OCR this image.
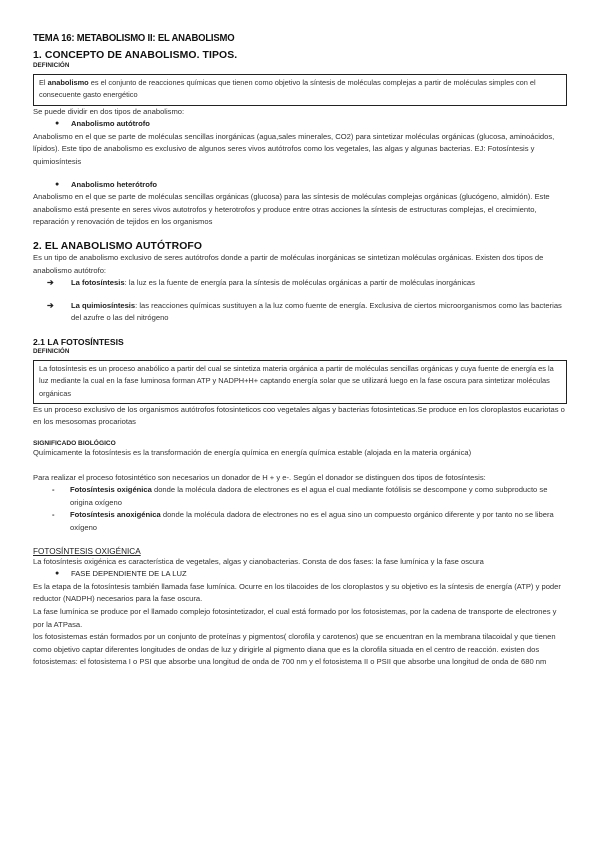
TEMA 16: METABOLISMO II: EL ANABOLISMO
1. CONCEPTO DE ANABOLISMO. TIPOS.
DEFINICIÓN
El anabolismo es el conjunto de reacciones químicas que tienen como objetivo la síntesis de moléculas complejas a partir de moléculas simples con el consecuente gasto energético

Se puede dividir en dos tipos de anabolismo:

● Anabolismo autótrofo

Anabolismo en el que se parte de moléculas sencillas inorgánicas (agua,sales minerales, CO2) para sintetizar moléculas orgánicas (glucosa, aminoácidos, lípidos). Este tipo de anabolismo es exclusivo de algunos seres vivos autótrofos como los vegetales, las algas y algunas bacterias. EJ: Fotosíntesis y quimiosíntesis

● Anabolismo heterótrofo

Anabolismo en el que se parte de moléculas sencillas orgánicas (glucosa) para las síntesis de moléculas complejas orgánicas (glucógeno, almidón). Este anabolismo está presente en seres vivos autotrofos y heterotrofos y produce entre otras acciones la síntesis de estructuras complejas, el crecimiento, reparación y renovación de tejidos en los organismos

2. EL ANABOLISMO AUTÓTROFO

Es un tipo de anabolismo exclusivo de seres autótrofos donde a partir de moléculas inorgánicas se sintetizan moléculas orgánicas. Existen dos tipos de anabolismo autótrofo:

➔ La fotosíntesis: la luz es la fuente de energía para la síntesis de moléculas orgánicas a partir de moléculas inorgánicas
➔ La quimiosíntesis: las reacciones químicas sustituyen a la luz como fuente de energía. Exclusiva de ciertos microorganismos como las bacterias del azufre o las del nitrógeno
2.1 LA FOTOSÍNTESIS
DEFINICIÓN
La fotosíntesis es un proceso anabólico a partir del cual se sintetiza materia orgánica a partir de moléculas sencillas orgánicas y cuya fuente de energía es la luz mediante la cual en la fase luminosa forman ATP y NADPH+H+ captando energía solar que se utilizará luego en la fase oscura para sintetizar moléculas orgánicas

Es un proceso exclusivo de los organismos autótrofos fotosinteticos coo vegetales algas y bacterias fotosinteticas.Se produce en los cloroplastos eucariotas o en los mesosomas procariotas

SIGNIFICADO BIOLÓGICO

Químicamente la fotosíntesis es la transformación de energía química en energía química estable (alojada en la materia orgánica)

Para realizar el proceso fotosintético son necesarios un donador de H + y e-. Según el donador se distinguen dos tipos de fotosíntesis:

- Fotosíntesis oxigénica donde la molécula dadora de electrones es el agua el cual mediante fotólisis se descompone y como subproducto se origina oxígeno
- Fotosíntesis anoxigénica donde la molécula dadora de electrones no es el agua sino un compuesto orgánico diferente y por tanto no se libera oxígeno
FOTOSÍNTESIS OXIGÉNICA

La fotosíntesis oxigénica es característica de vegetales, algas y cianobacterias. Consta de dos fases: la fase lumínica y la fase oscura

● FASE DEPENDIENTE DE LA LUZ

Es la etapa de la fotosíntesis también llamada fase lumínica. Ocurre en los tilacoides de los cloroplastos y su objetivo es la síntesis de energía (ATP) y poder reductor (NADPH) necesarios para la fase oscura.

La fase lumínica se produce por el llamado complejo fotosintetizador, el cual está formado por los fotosistemas, por la cadena de transporte de electrones y por la ATPasa.

los fotosistemas están formados por un conjunto de proteínas y pigmentos( clorofila y carotenos) que se encuentran en la membrana tilacoidal y que tienen como objetivo captar diferentes longitudes de ondas de luz y dirigirle al pigmento diana que es la clorofila situada en el centro de reacción. existen dos fotosistemas: el fotosistema I o PSI que absorbe una longitud de onda de 700 nm y el fotosistema II o PSII que absorbe una longitud de onda de 680 nm
